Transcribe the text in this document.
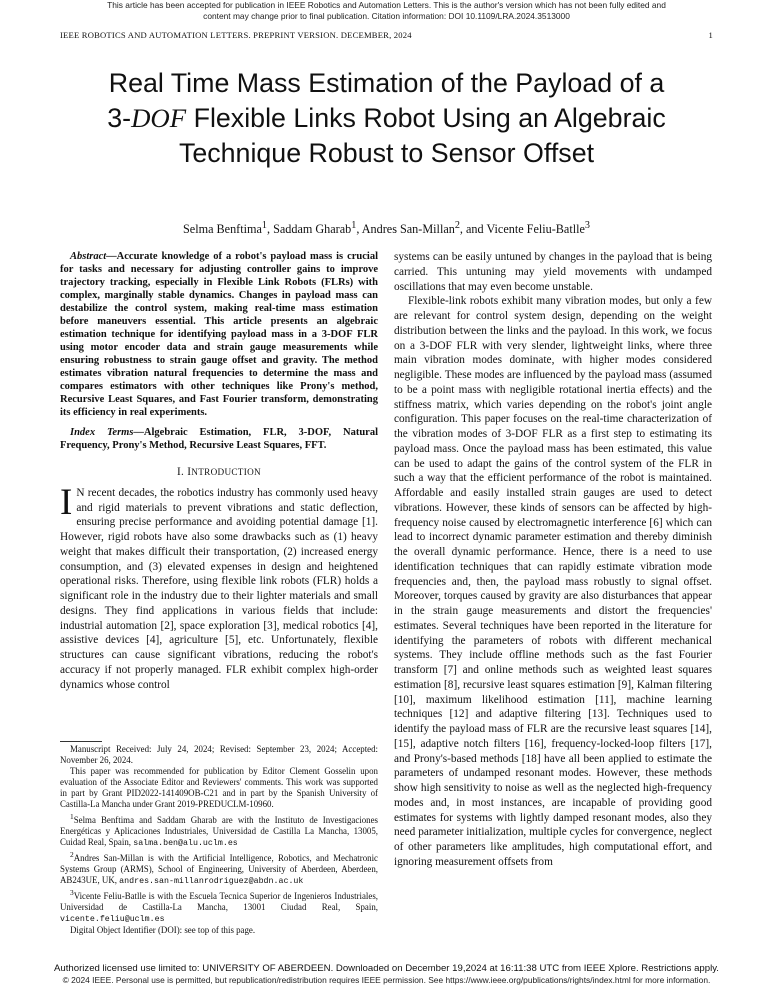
This article has been accepted for publication in IEEE Robotics and Automation Letters. This is the author's version which has not been fully edited and
content may change prior to final publication. Citation information: DOI 10.1109/LRA.2024.3513000
IEEE ROBOTICS AND AUTOMATION LETTERS. PREPRINT VERSION. DECEMBER, 2024	1
Real Time Mass Estimation of the Payload of a
3-DOF Flexible Links Robot Using an Algebraic
Technique Robust to Sensor Offset
Selma Benftima$^1$, Saddam Gharab$^1$, Andres San-Millan$^2$, and Vicente Feliu-Batlle$^3$

Abstract—Accurate knowledge of a robot's payload mass is crucial for tasks and necessary for adjusting controller gains to improve trajectory tracking, especially in Flexible Link Robots (FLRs) with complex, marginally stable dynamics. Changes in payload mass can destabilize the control system, making real-time mass estimation before maneuvers essential. This article presents an algebraic estimation technique for identifying payload mass in a 3-DOF FLR using motor encoder data and strain gauge measurements while ensuring robustness to strain gauge offset and gravity. The method estimates vibration natural frequencies to determine the mass and compares estimators with other techniques like Prony's method, Recursive Least Squares, and Fast Fourier transform, demonstrating its efficiency in real experiments.

Index Terms—Algebraic Estimation, FLR, 3-DOF, Natural Frequency, Prony's Method, Recursive Least Squares, FFT.

I. INTRODUCTION

I N recent decades, the robotics industry has commonly used heavy and rigid materials to prevent vibrations and static deflection, ensuring precise performance and avoiding potential damage [1]. However, rigid robots have also some drawbacks such as (1) heavy weight that makes difficult their transportation, (2) increased energy consumption, and (3) elevated expenses in design and heightened operational risks. Therefore, using flexible link robots (FLR) holds a significant role in the industry due to their lighter materials and small designs. They find applications in various fields that include: industrial automation [2], space exploration [3], medical robotics [4], assistive devices [4], agriculture [5], etc. Unfortunately, flexible structures can cause significant vibrations, reducing the robot's accuracy if not properly managed. FLR exhibit complex high-order dynamics whose control

systems can be easily untuned by changes in the payload that is being carried. This untuning may yield movements with undamped oscillations that may even become unstable.

Flexible-link robots exhibit many vibration modes, but only a few are relevant for control system design, depending on the weight distribution between the links and the payload. In this work, we focus on a 3-DOF FLR with very slender, lightweight links, where three main vibration modes dominate, with higher modes considered negligible. These modes are influenced by the payload mass (assumed to be a point mass with negligible rotational inertia effects) and the stiffness matrix, which varies depending on the robot's joint angle configuration. This paper focuses on the real-time characterization of the vibration modes of 3-DOF FLR as a first step to estimating its payload mass. Once the payload mass has been estimated, this value can be used to adapt the gains of the control system of the FLR in such a way that the efficient performance of the robot is maintained. Affordable and easily installed strain gauges are used to detect vibrations. However, these kinds of sensors can be affected by high-frequency noise caused by electromagnetic interference [6] which can lead to incorrect dynamic parameter estimation and thereby diminish the overall dynamic performance. Hence, there is a need to use identification techniques that can rapidly estimate vibration mode frequencies and, then, the payload mass robustly to signal offset. Moreover, torques caused by gravity are also disturbances that appear in the strain gauge measurements and distort the frequencies' estimates. Several techniques have been reported in the literature for identifying the parameters of robots with different mechanical systems. They include offline methods such as the fast Fourier transform [7] and online methods such as weighted least squares estimation [8], recursive least squares estimation [9], Kalman filtering [10], maximum likelihood estimation [11], machine learning techniques [12] and adaptive filtering [13]. Techniques used to identify the payload mass of FLR are the recursive least squares [14], [15], adaptive notch filters [16], frequency-locked-loop filters [17], and Prony's-based methods [18] have all been applied to estimate the parameters of undamped resonant modes. However, these methods show high sensitivity to noise as well as the neglected high-frequency modes and, in most instances, are incapable of providing good estimates for systems with lightly damped resonant modes, also they need parameter initialization, multiple cycles for convergence, neglect of other parameters like amplitudes, high computational effort, and ignoring measurement offsets from

Manuscript Received: July 24, 2024; Revised: September 23, 2024; Accepted: November 26, 2024.

This paper was recommended for publication by Editor Clement Gosselin upon evaluation of the Associate Editor and Reviewers' comments. This work was supported in part by Grant PID2022-141409OB-C21 and in part by the Spanish University of Castilla-La Mancha under Grant 2019-PREDUCLM-10960.

$^1$Selma Benftima and Saddam Gharab are with the Instituto de Investigaciones Energéticas y Aplicaciones Industriales, Universidad de Castilla La Mancha, 13005, Cuidad Real, Spain, salma.ben@alu.uclm.es

$^2$Andres San-Millan is with the Artificial Intelligence, Robotics, and Mechatronic Systems Group (ARMS), School of Engineering, University of Aberdeen, Aberdeen, AB243UE, UK, andres.san-millanrodriguez@abdn.ac.uk

$^3$Vicente Feliu-Batlle is with the Escuela Tecnica Superior de Ingenieros Industriales, Universidad de Castilla-La Mancha, 13001 Ciudad Real, Spain, vicente.feliu@uclm.es

Digital Object Identifier (DOI): see top of this page.

Authorized licensed use limited to: UNIVERSITY OF ABERDEEN. Downloaded on December 19,2024 at 16:11:38 UTC from IEEE Xplore. Restrictions apply.
© 2024 IEEE. Personal use is permitted, but republication/redistribution requires IEEE permission. See https://www.ieee.org/publications/rights/index.html for more information.
